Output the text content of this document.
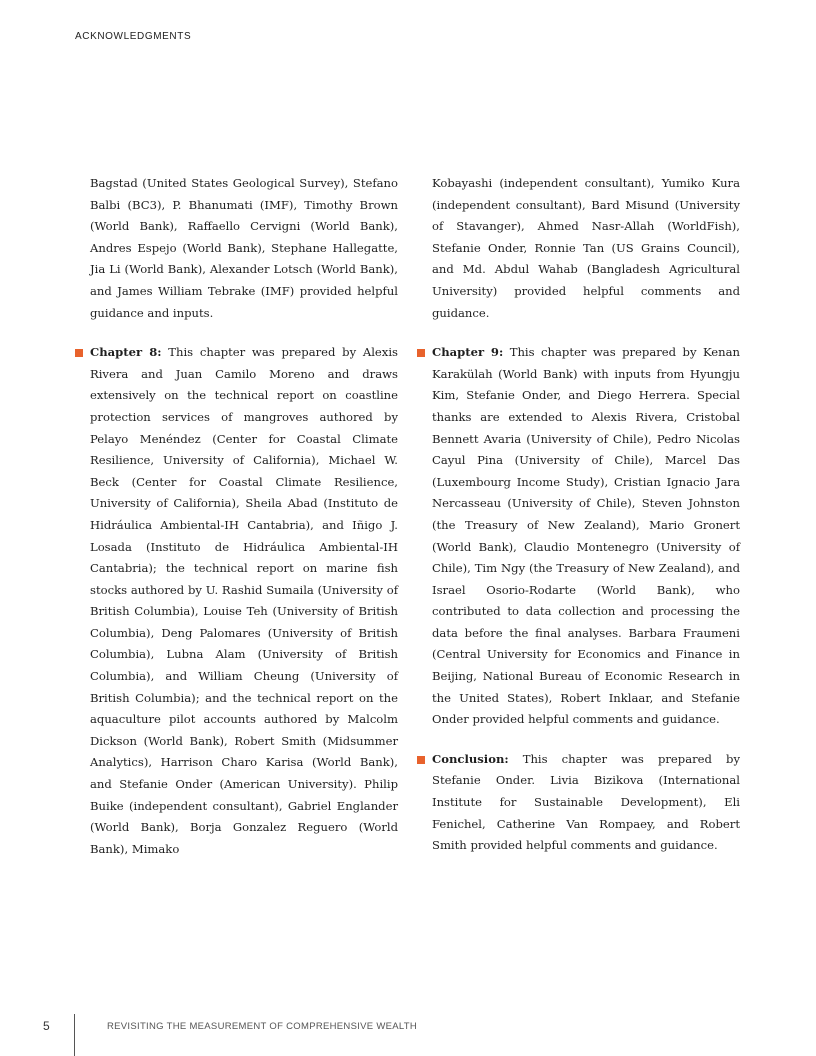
ACKNOWLEDGMENTS

Bagstad (United States Geological Survey), Stefano Balbi (BC3), P. Bhanumati (IMF), Timothy Brown (World Bank), Raffaello Cervigni (World Bank), Andres Espejo (World Bank), Stephane Hallegatte, Jia Li (World Bank), Alexander Lotsch (World Bank), and James William Tebrake (IMF) provided helpful guidance and inputs.

Chapter 8: This chapter was prepared by Alexis Rivera and Juan Camilo Moreno and draws extensively on the technical report on coastline protection services of mangroves authored by Pelayo Menéndez (Center for Coastal Climate Resilience, University of California), Michael W. Beck (Center for Coastal Climate Resilience, University of California), Sheila Abad (Instituto de Hidráulica Ambiental-IH Cantabria), and Iñigo J. Losada (Instituto de Hidráulica Ambiental-IH Cantabria); the technical report on marine fish stocks authored by U. Rashid Sumaila (University of British Columbia), Louise Teh (University of British Columbia), Deng Palomares (University of British Columbia), Lubna Alam (University of British Columbia), and William Cheung (University of British Columbia); and the technical report on the aquaculture pilot accounts authored by Malcolm Dickson (World Bank), Robert Smith (Midsummer Analytics), Harrison Charo Karisa (World Bank), and Stefanie Onder (American University). Philip Buike (independent consultant), Gabriel Englander (World Bank), Borja Gonzalez Reguero (World Bank), Mimako

Kobayashi (independent consultant), Yumiko Kura (independent consultant), Bard Misund (University of Stavanger), Ahmed Nasr-Allah (WorldFish), Stefanie Onder, Ronnie Tan (US Grains Council), and Md. Abdul Wahab (Bangladesh Agricultural University) provided helpful comments and guidance.

Chapter 9: This chapter was prepared by Kenan Karakülah (World Bank) with inputs from Hyungju Kim, Stefanie Onder, and Diego Herrera. Special thanks are extended to Alexis Rivera, Cristobal Bennett Avaria (University of Chile), Pedro Nicolas Cayul Pina (University of Chile), Marcel Das (Luxembourg Income Study), Cristian Ignacio Jara Nercasseau (University of Chile), Steven Johnston (the Treasury of New Zealand), Mario Gronert (World Bank), Claudio Montenegro (University of Chile), Tim Ngy (the Treasury of New Zealand), and Israel Osorio-Rodarte (World Bank), who contributed to data collection and processing the data before the final analyses. Barbara Fraumeni (Central University for Economics and Finance in Beijing, National Bureau of Economic Research in the United States), Robert Inklaar, and Stefanie Onder provided helpful comments and guidance.

Conclusion: This chapter was prepared by Stefanie Onder. Livia Bizikova (International Institute for Sustainable Development), Eli Fenichel, Catherine Van Rompaey, and Robert Smith provided helpful comments and guidance.

5	REVISITING THE MEASUREMENT OF COMPREHENSIVE WEALTH
